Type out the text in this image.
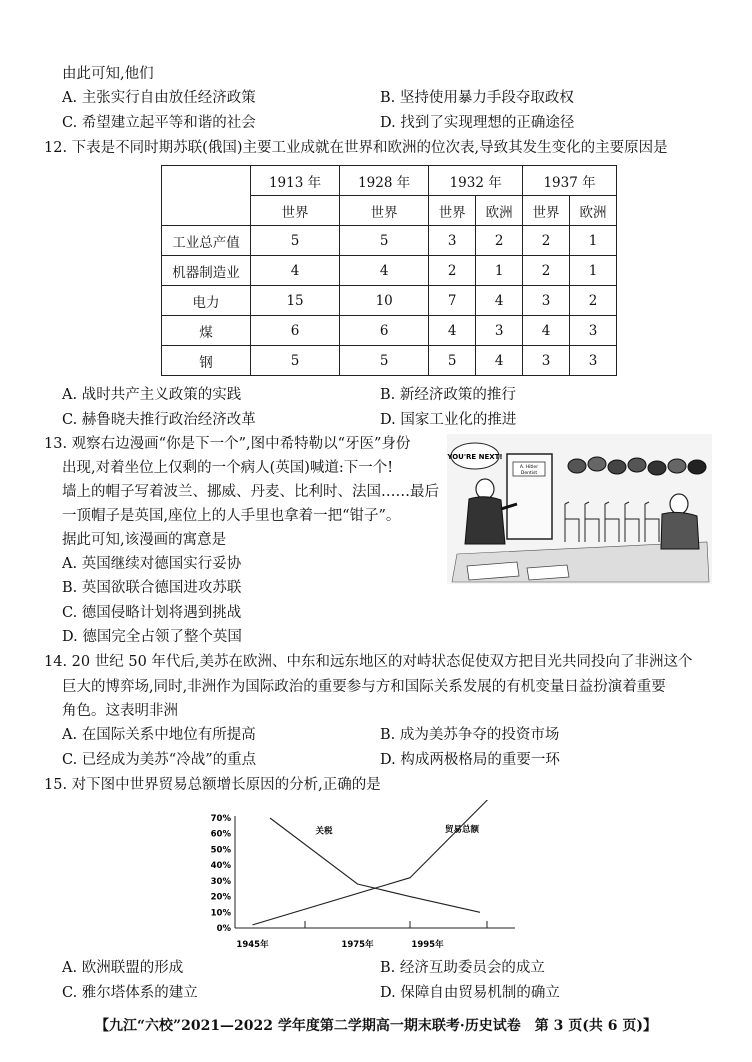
由此可知,他们
A. 主张实行自由放任经济政策	B. 坚持使用暴力手段夺取政权
C. 希望建立起平等和谐的社会	D. 找到了实现理想的正确途径
12. 下表是不同时期苏联(俄国)主要工业成就在世界和欧洲的位次表,导致其发生变化的主要原因是
	1913 年	1928 年	1932 年		1937 年	
	世界	世界	世界	欧洲	世界	欧洲
工业总产值	5	5	3	2	2	1
机器制造业	4	4	2	1	2	1
电力	15	10	7	4	3	2
煤	6	6	4	3	4	3
钢	5	5	5	4	3	3
A. 战时共产主义政策的实践	B. 新经济政策的推行
C. 赫鲁晓夫推行政治经济改革	D. 国家工业化的推进
13. 观察右边漫画“你是下一个”,图中希特勒以“牙医”身份
出现,对着坐位上仅剩的一个病人(英国)喊道:下一个!
墙上的帽子写着波兰、挪威、丹麦、比利时、法国……最后
一顶帽子是英国,座位上的人手里也拿着一把“钳子”。
据此可知,该漫画的寓意是
A. Hitler
Dentist
YOU'RE NEXT!
A. 英国继续对德国实行妥协
B. 英国欲联合德国进攻苏联
C. 德国侵略计划将遇到挑战
D. 德国完全占领了整个英国
14. 20 世纪 50 年代后,美苏在欧洲、中东和远东地区的对峙状态促使双方把目光共同投向了非洲这个
巨大的博弈场,同时,非洲作为国际政治的重要参与方和国际关系发展的有机变量日益扮演着重要
角色。这表明非洲
A. 在国际关系中地位有所提高	B. 成为美苏争夺的投资市场
C. 已经成为美苏“冷战”的重点	D. 构成两极格局的重要一环
15. 对下图中世界贸易总额增长原因的分析,正确的是
70%
60%
50%
40%
30%
20%
10%
0%
1945年	1975年	1995年
关税	贸易总额
A. 欧洲联盟的形成	B. 经济互助委员会的成立
C. 雅尔塔体系的建立	D. 保障自由贸易机制的确立
【九江“六校”2021—2022 学年度第二学期高一期末联考·历史试卷　第 3 页(共 6 页)】
